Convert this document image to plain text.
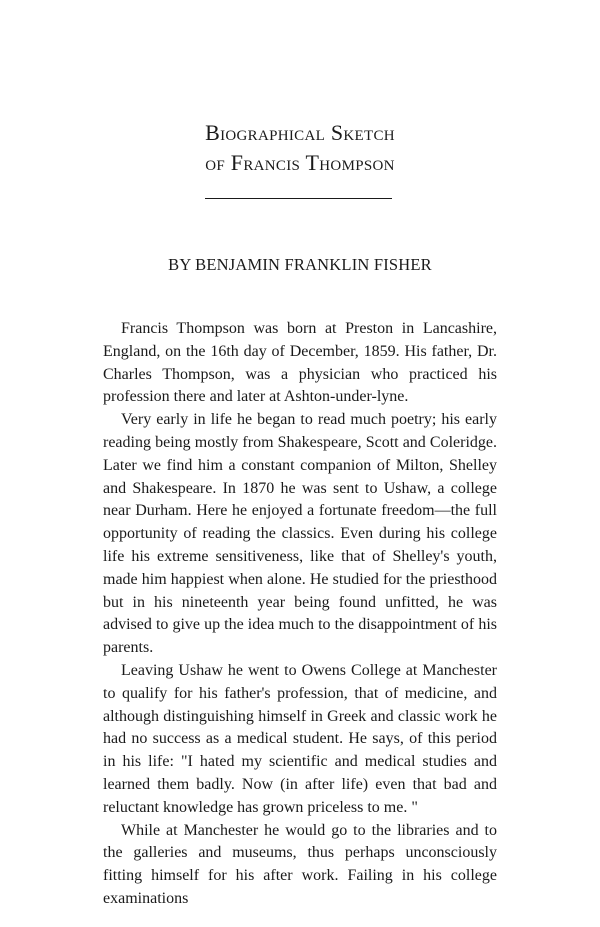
Biographical Sketch
of Francis Thompson
BY BENJAMIN FRANKLIN FISHER

Francis Thompson was born at Preston in Lancashire, England, on the 16th day of December, 1859. His father, Dr. Charles Thompson, was a physician who practiced his profession there and later at Ashton-under-lyne.

Very early in life he began to read much poetry; his early reading being mostly from Shakespeare, Scott and Coleridge. Later we find him a constant companion of Milton, Shelley and Shakespeare. In 1870 he was sent to Ushaw, a college near Durham. Here he enjoyed a fortunate freedom—the full opportunity of reading the classics. Even during his college life his extreme sensitiveness, like that of Shelley's youth, made him happiest when alone. He studied for the priesthood but in his nineteenth year being found unfitted, he was advised to give up the idea much to the disappointment of his parents.

Leaving Ushaw he went to Owens College at Manchester to qualify for his father's profession, that of medicine, and although distinguishing himself in Greek and classic work he had no success as a medical student. He says, of this period in his life: "I hated my scientific and medical studies and learned them badly. Now (in after life) even that bad and reluctant knowledge has grown priceless to me. "

While at Manchester he would go to the libraries and to the galleries and museums, thus perhaps unconsciously fitting himself for his after work. Failing in his college examinations
